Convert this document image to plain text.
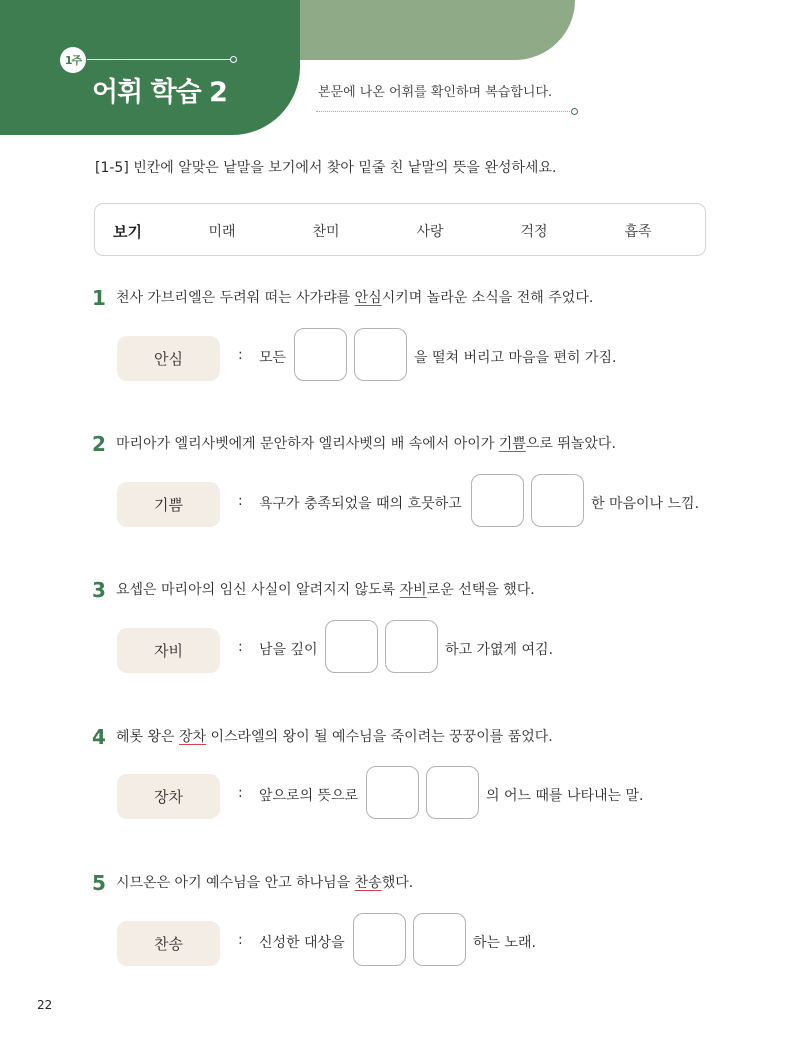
1주
어휘 학습 2	본문에 나온 어휘를 확인하며 복습합니다.
[1-5] 빈칸에 알맞은 낱말을 보기에서 찾아 밑줄 친 낱말의 뜻을 완성하세요.
보기	미래	찬미	사랑	걱정	흡족
1 천사 가브리엘은 두려워 떠는 사가랴를 안심시키며 놀라운 소식을 전해 주었다.
안심	: 모든	을 떨쳐 버리고 마음을 편히 가짐.
2 마리아가 엘리사벳에게 문안하자 엘리사벳의 배 속에서 아이가 기쁨으로 뛰놀았다.
기쁨	: 욕구가 충족되었을 때의 흐뭇하고	한 마음이나 느낌.
3 요셉은 마리아의 임신 사실이 알려지지 않도록 자비로운 선택을 했다.
자비	: 남을 깊이	하고 가엾게 여김.
4 헤롯 왕은 장차 이스라엘의 왕이 될 예수님을 죽이려는 꿍꿍이를 품었다.
장차	: 앞으로의 뜻으로	의 어느 때를 나타내는 말.
5 시므온은 아기 예수님을 안고 하나님을 찬송했다.
찬송	: 신성한 대상을	하는 노래.
22
